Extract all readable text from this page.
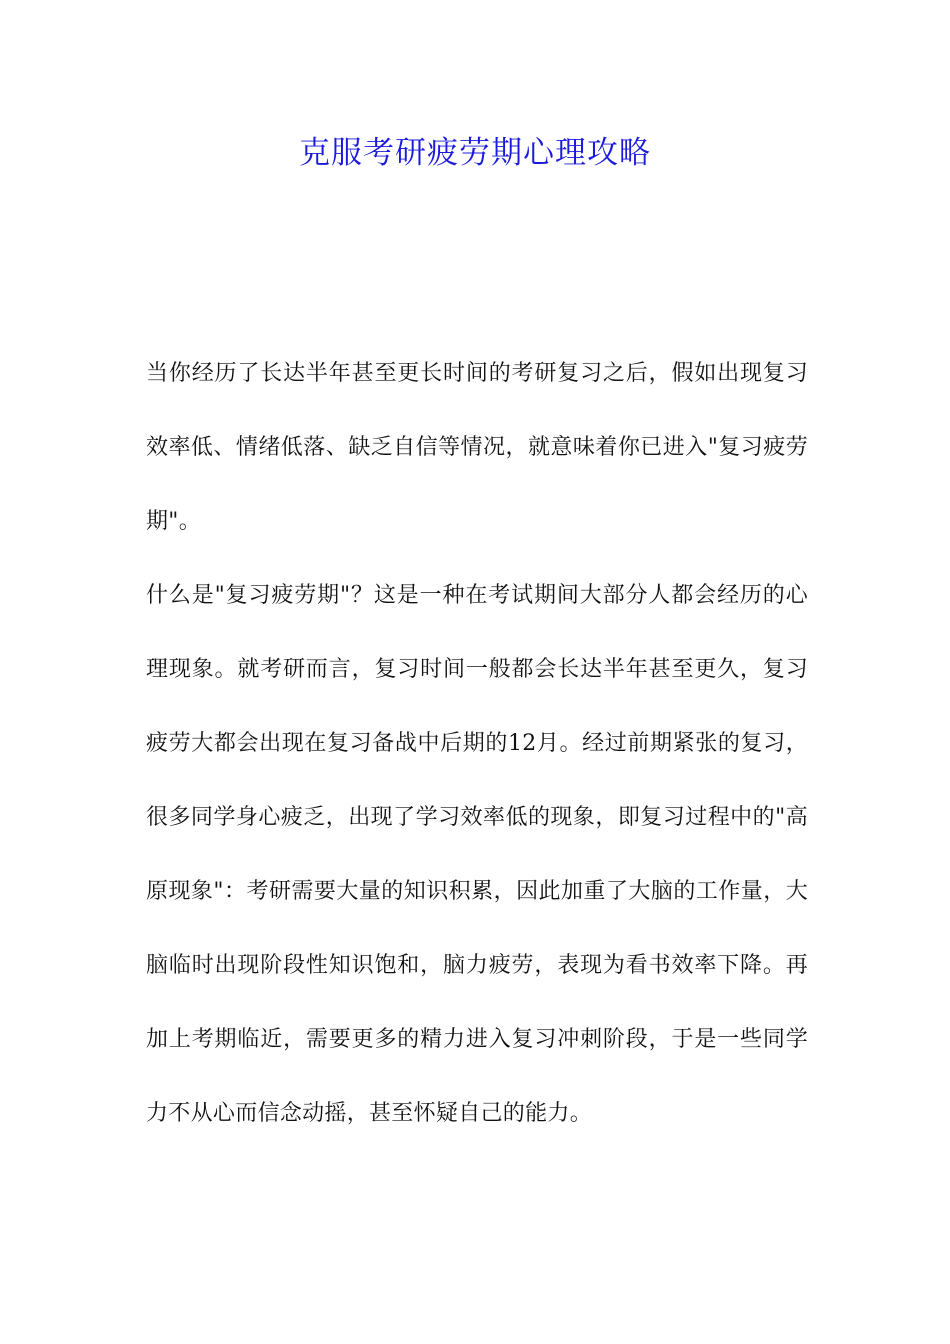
克服考研疲劳期心理攻略

当你经历了长达半年甚至更长时间的考研复习之后，假如出现复习效率低、情绪低落、缺乏自信等情况，就意味着你已进入"复习疲劳期"。

什么是"复习疲劳期"？这是一种在考试期间大部分人都会经历的心理现象。就考研而言，复习时间一般都会长达半年甚至更久，复习疲劳大都会出现在复习备战中后期的12月。经过前期紧张的复习，很多同学身心疲乏，出现了学习效率低的现象，即复习过程中的"高原现象"：考研需要大量的知识积累，因此加重了大脑的工作量，大脑临时出现阶段性知识饱和，脑力疲劳，表现为看书效率下降。再加上考期临近，需要更多的精力进入复习冲刺阶段，于是一些同学力不从心而信念动摇，甚至怀疑自己的能力。
